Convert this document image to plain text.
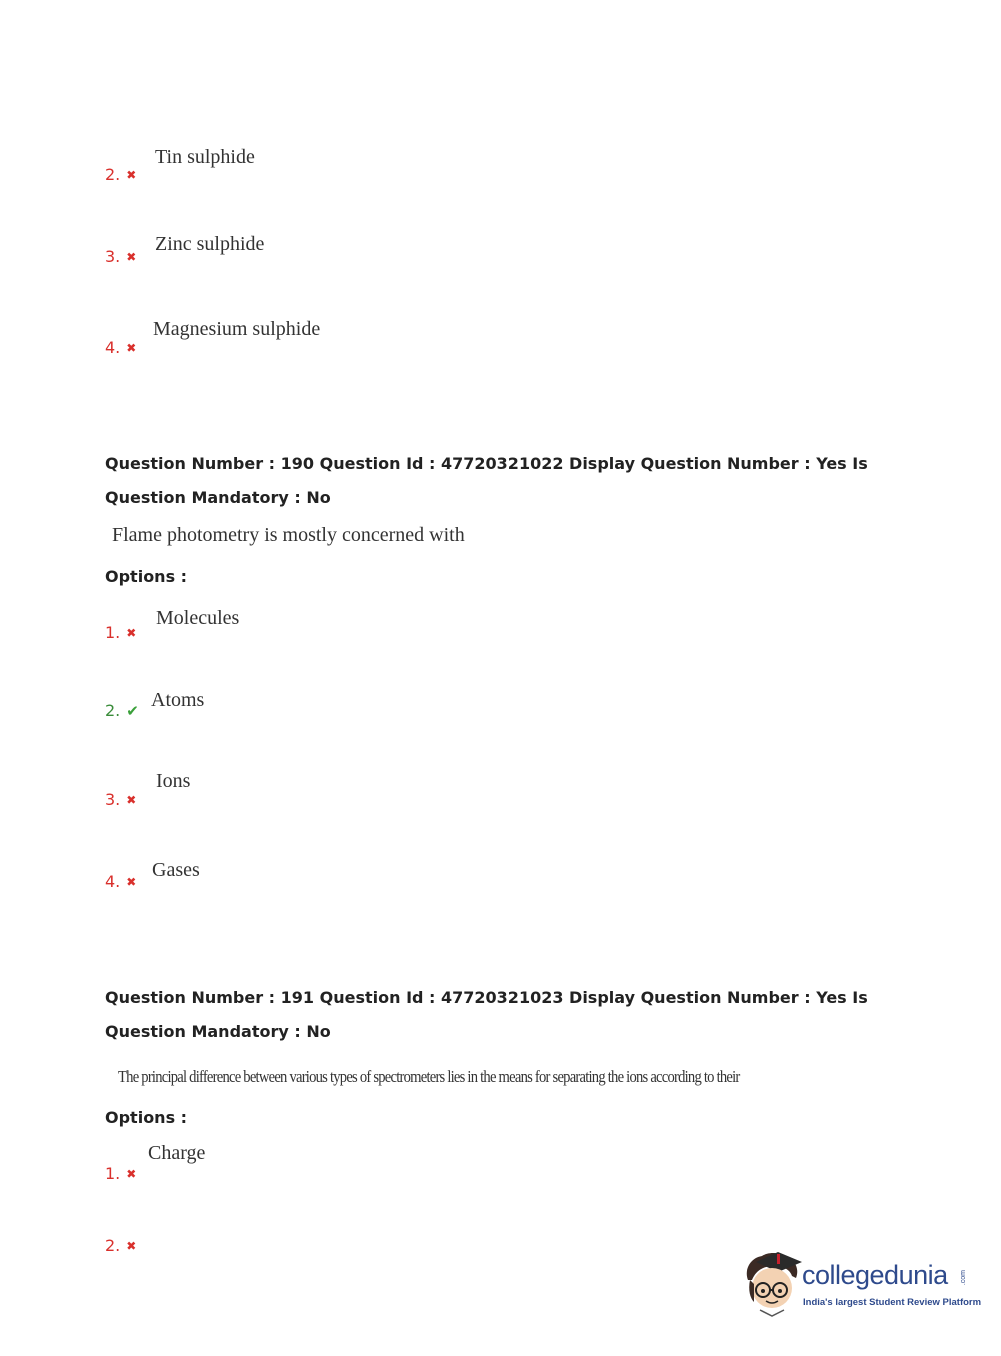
2. ✖
Tin sulphide
3. ✖
Zinc sulphide
4. ✖
Magnesium sulphide
Question Number : 190 Question Id : 47720321022 Display Question Number : Yes Is Question Mandatory : No
Flame photometry is mostly concerned with
Options :
1. ✖
Molecules
2. ✔ Atoms
3. ✖
Ions
4. ✖
Gases
Question Number : 191 Question Id : 47720321023 Display Question Number : Yes Is Question Mandatory : No
The principal difference between various types of spectrometers lies in the means for separating the ions according to their
Options :
1. ✖
Charge
2. ✖
collegedunia .com
India's largest Student Review Platform
